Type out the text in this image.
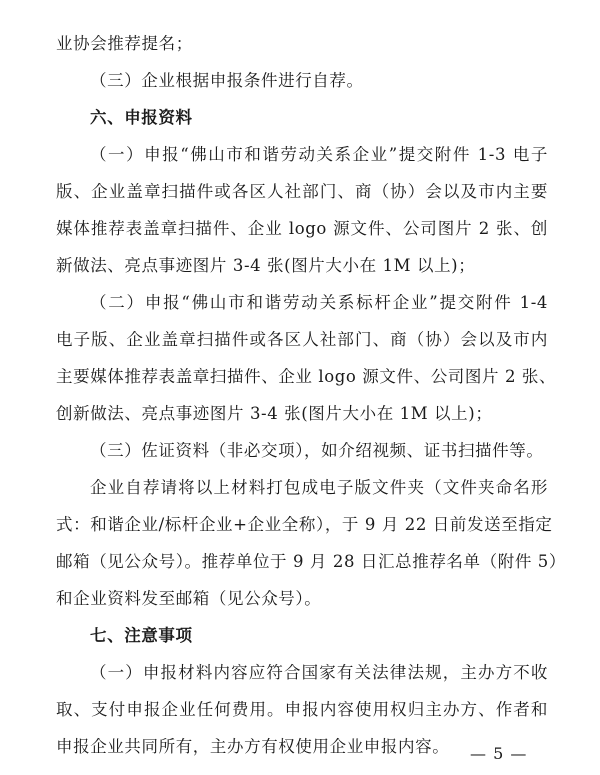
业协会推荐提名；
（三）企业根据申报条件进行自荐。
六、申报资料
（一）申报“佛山市和谐劳动关系企业”提交附件 1-3 电子
版、企业盖章扫描件或各区人社部门、商（协）会以及市内主要
媒体推荐表盖章扫描件、企业 logo 源文件、公司图片 2 张、创
新做法、亮点事迹图片 3-4 张(图片大小在 1M 以上)；
（二）申报“佛山市和谐劳动关系标杆企业”提交附件 1-4
电子版、企业盖章扫描件或各区人社部门、商（协）会以及市内
主要媒体推荐表盖章扫描件、企业 logo 源文件、公司图片 2 张、
创新做法、亮点事迹图片 3-4 张(图片大小在 1M 以上)；
（三）佐证资料（非必交项），如介绍视频、证书扫描件等。
企业自荐请将以上材料打包成电子版文件夹（文件夹命名形
式：和谐企业/标杆企业+企业全称），于 9 月 22 日前发送至指定
邮箱（见公众号）。推荐单位于 9 月 28 日汇总推荐名单（附件 5）
和企业资料发至邮箱（见公众号）。
七、注意事项
（一）申报材料内容应符合国家有关法律法规，主办方不收
取、支付申报企业任何费用。申报内容使用权归主办方、作者和
申报企业共同所有，主办方有权使用企业申报内容。	— 5 —
